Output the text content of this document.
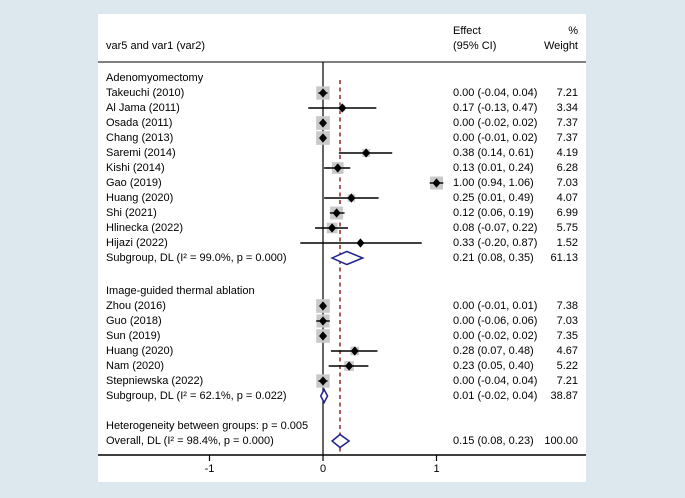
var5 and var1 (var2)
Effect
(95% CI)
%
Weight
-1	0	1
Adenomyomectomy
Takeuchi (2010)	0.00 (-0.04, 0.04)	7.21
Al Jama (2011)	0.17 (-0.13, 0.47)	3.34
Osada (2011)	0.00 (-0.02, 0.02)	7.37
Chang (2013)	0.00 (-0.01, 0.02)	7.37
Saremi (2014)	0.38 (0.14, 0.61)	4.19
Kishi (2014)	0.13 (0.01, 0.24)	6.28
Gao (2019)	1.00 (0.94, 1.06)	7.03
Huang (2020)	0.25 (0.01, 0.49)	4.07
Shi (2021)	0.12 (0.06, 0.19)	6.99
Hlinecka (2022)	0.08 (-0.07, 0.22)	5.75
Hijazi (2022)	0.33 (-0.20, 0.87)	1.52
Subgroup, DL (I² = 99.0%, p = 0.000)	0.21 (0.08, 0.35)	61.13
Image-guided thermal ablation
Zhou (2016)	0.00 (-0.01, 0.01)	7.38
Guo (2018)	0.00 (-0.06, 0.06)	7.03
Sun (2019)	0.00 (-0.02, 0.02)	7.35
Huang (2020)	0.28 (0.07, 0.48)	4.67
Nam (2020)	0.23 (0.05, 0.40)	5.22
Stepniewska (2022)	0.00 (-0.04, 0.04)	7.21
Subgroup, DL (I² = 62.1%, p = 0.022)	0.01 (-0.02, 0.04)	38.87
Heterogeneity between groups: p = 0.005
Overall, DL (I² = 98.4%, p = 0.000)	0.15 (0.08, 0.23) 100.00
